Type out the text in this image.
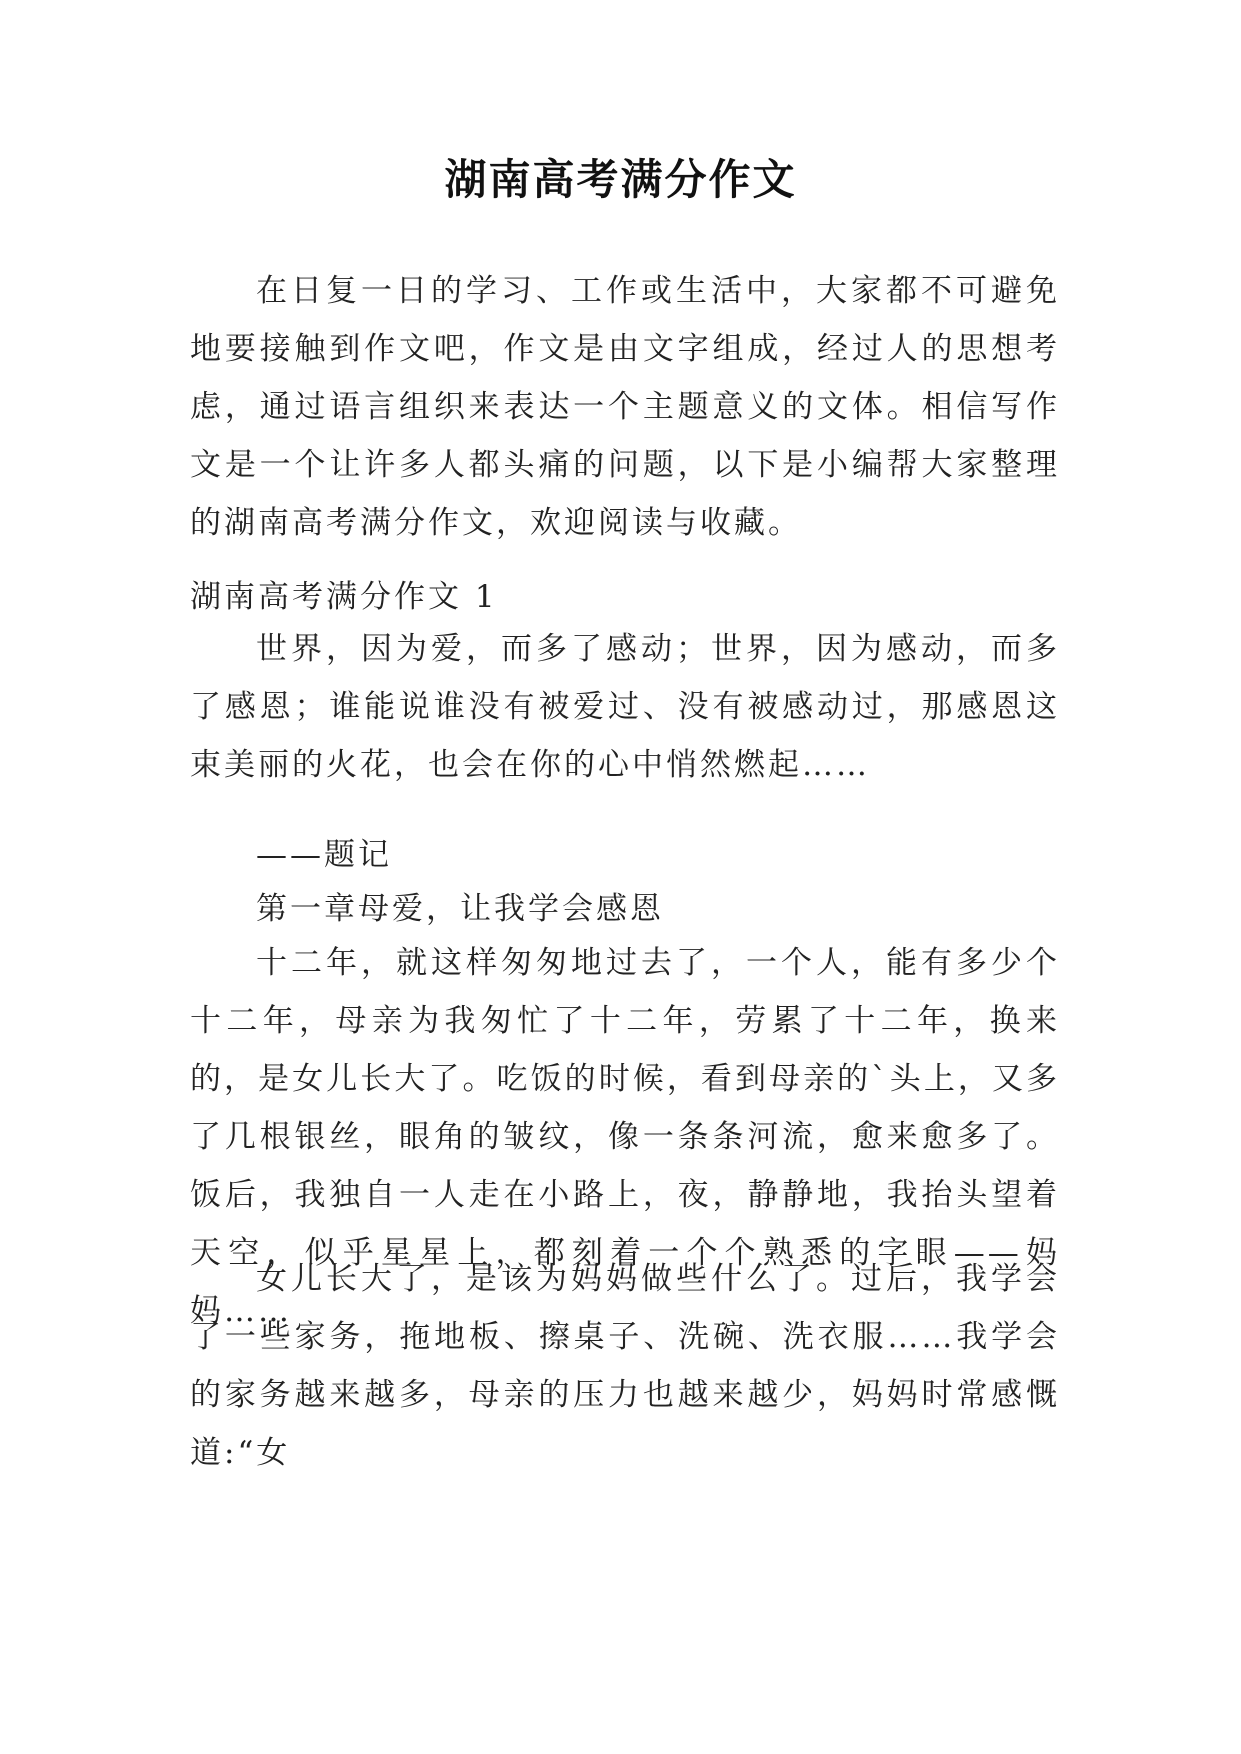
湖南高考满分作文
在日复一日的学习、工作或生活中，大家都不可避免地要接触到作文吧，作文是由文字组成，经过人的思想考虑，通过语言组织来表达一个主题意义的文体。相信写作文是一个让许多人都头痛的问题，以下是小编帮大家整理的湖南高考满分作文，欢迎阅读与收藏。
湖南高考满分作文 1
世界，因为爱，而多了感动；世界，因为感动，而多了感恩；谁能说谁没有被爱过、没有被感动过，那感恩这束美丽的火花，也会在你的心中悄然燃起……
——题记
第一章母爱，让我学会感恩
十二年，就这样匆匆地过去了，一个人，能有多少个十二年，母亲为我匆忙了十二年，劳累了十二年，换来的，是女儿长大了。吃饭的时候，看到母亲的`头上，又多了几根银丝，眼角的皱纹，像一条条河流，愈来愈多了。饭后，我独自一人走在小路上，夜，静静地，我抬头望着天空，似乎星星上，都刻着一个个熟悉的字眼——妈妈……
女儿长大了，是该为妈妈做些什么了。过后，我学会了一些家务，拖地板、擦桌子、洗碗、洗衣服……我学会的家务越来越多，母亲的压力也越来越少，妈妈时常感慨道:“女
